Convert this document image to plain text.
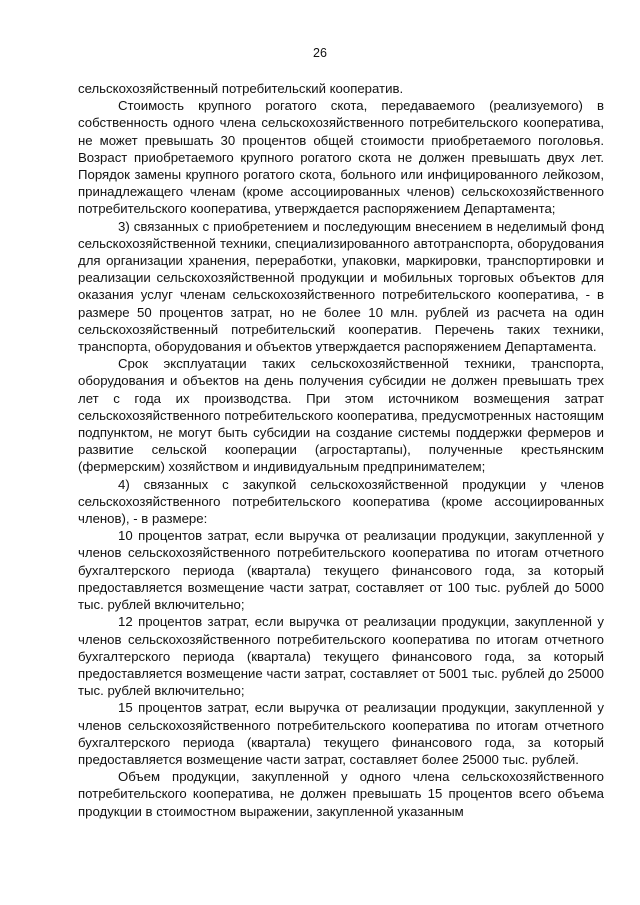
26

сельскохозяйственный потребительский кооператив.

Стоимость крупного рогатого скота, передаваемого (реализуемого) в собственность одного члена сельскохозяйственного потребительского кооператива, не может превышать 30 процентов общей стоимости приобретаемого поголовья. Возраст приобретаемого крупного рогатого скота не должен превышать двух лет. Порядок замены крупного рогатого скота, больного или инфицированного лейкозом, принадлежащего членам (кроме ассоциированных членов) сельскохозяйственного потребительского кооператива, утверждается распоряжением Департамента;

3) связанных с приобретением и последующим внесением в неделимый фонд сельскохозяйственной техники, специализированного автотранспорта, оборудования для организации хранения, переработки, упаковки, маркировки, транспортировки и реализации сельскохозяйственной продукции и мобильных торговых объектов для оказания услуг членам сельскохозяйственного потребительского кооператива, - в размере 50 процентов затрат, но не более 10 млн. рублей из расчета на один сельскохозяйственный потребительский кооператив. Перечень таких техники, транспорта, оборудования и объектов утверждается распоряжением Департамента.

Срок эксплуатации таких сельскохозяйственной техники, транспорта, оборудования и объектов на день получения субсидии не должен превышать трех лет с года их производства. При этом источником возмещения затрат сельскохозяйственного потребительского кооператива, предусмотренных настоящим подпунктом, не могут быть субсидии на создание системы поддержки фермеров и развитие сельской кооперации (агростартапы), полученные крестьянским (фермерским) хозяйством и индивидуальным предпринимателем;

4) связанных с закупкой сельскохозяйственной продукции у членов сельскохозяйственного потребительского кооператива (кроме ассоциированных членов), - в размере:

10 процентов затрат, если выручка от реализации продукции, закупленной у членов сельскохозяйственного потребительского кооператива по итогам отчетного бухгалтерского периода (квартала) текущего финансового года, за который предоставляется возмещение части затрат, составляет от 100 тыс. рублей до 5000 тыс. рублей включительно;

12 процентов затрат, если выручка от реализации продукции, закупленной у членов сельскохозяйственного потребительского кооператива по итогам отчетного бухгалтерского периода (квартала) текущего финансового года, за который предоставляется возмещение части затрат, составляет от 5001 тыс. рублей до 25000 тыс. рублей включительно;

15 процентов затрат, если выручка от реализации продукции, закупленной у членов сельскохозяйственного потребительского кооператива по итогам отчетного бухгалтерского периода (квартала) текущего финансового года, за который предоставляется возмещение части затрат, составляет более 25000 тыс. рублей.

Объем продукции, закупленной у одного члена сельскохозяйственного потребительского кооператива, не должен превышать 15 процентов всего объема продукции в стоимостном выражении, закупленной указанным
